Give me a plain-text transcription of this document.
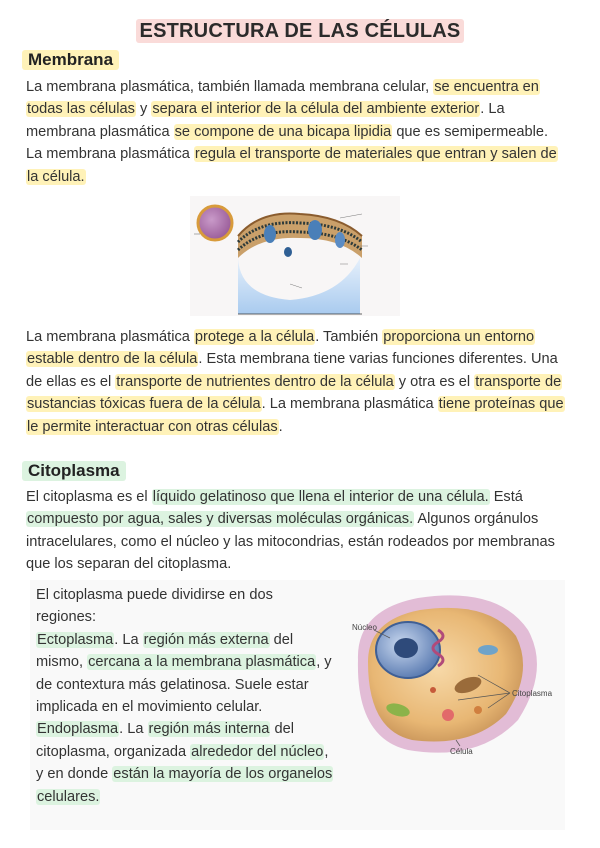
ESTRUCTURA DE LAS CÉLULAS
Membrana
La membrana plasmática, también llamada membrana celular, se encuentra en todas las células y separa el interior de la célula del ambiente exterior. La membrana plasmática se compone de una bicapa lipidia que es semipermeable. La membrana plasmática regula el transporte de materiales que entran y salen de la célula.
La membrana plasmática protege a la célula. También proporciona un entorno estable dentro de la célula. Esta membrana tiene varias funciones diferentes. Una de ellas es el transporte de nutrientes dentro de la célula y otra es el transporte de sustancias tóxicas fuera de la célula. La membrana plasmática tiene proteínas que le permite interactuar con otras células.
Citoplasma
El citoplasma es el líquido gelatinoso que llena el interior de una célula. Está compuesto por agua, sales y diversas moléculas orgánicas. Algunos orgánulos intracelulares, como el núcleo y las mitocondrias, están rodeados por membranas que los separan del citoplasma.
El citoplasma puede dividirse en dos regiones:
Ectoplasma. La región más externa del mismo, cercana a la membrana plasmática, y de contextura más gelatinosa. Suele estar implicada en el movimiento celular.
Endoplasma. La región más interna del citoplasma, organizada alrededor del núcleo, y en donde están la mayoría de los organelos celulares.
Núcleo
Citoplasma
Célula
